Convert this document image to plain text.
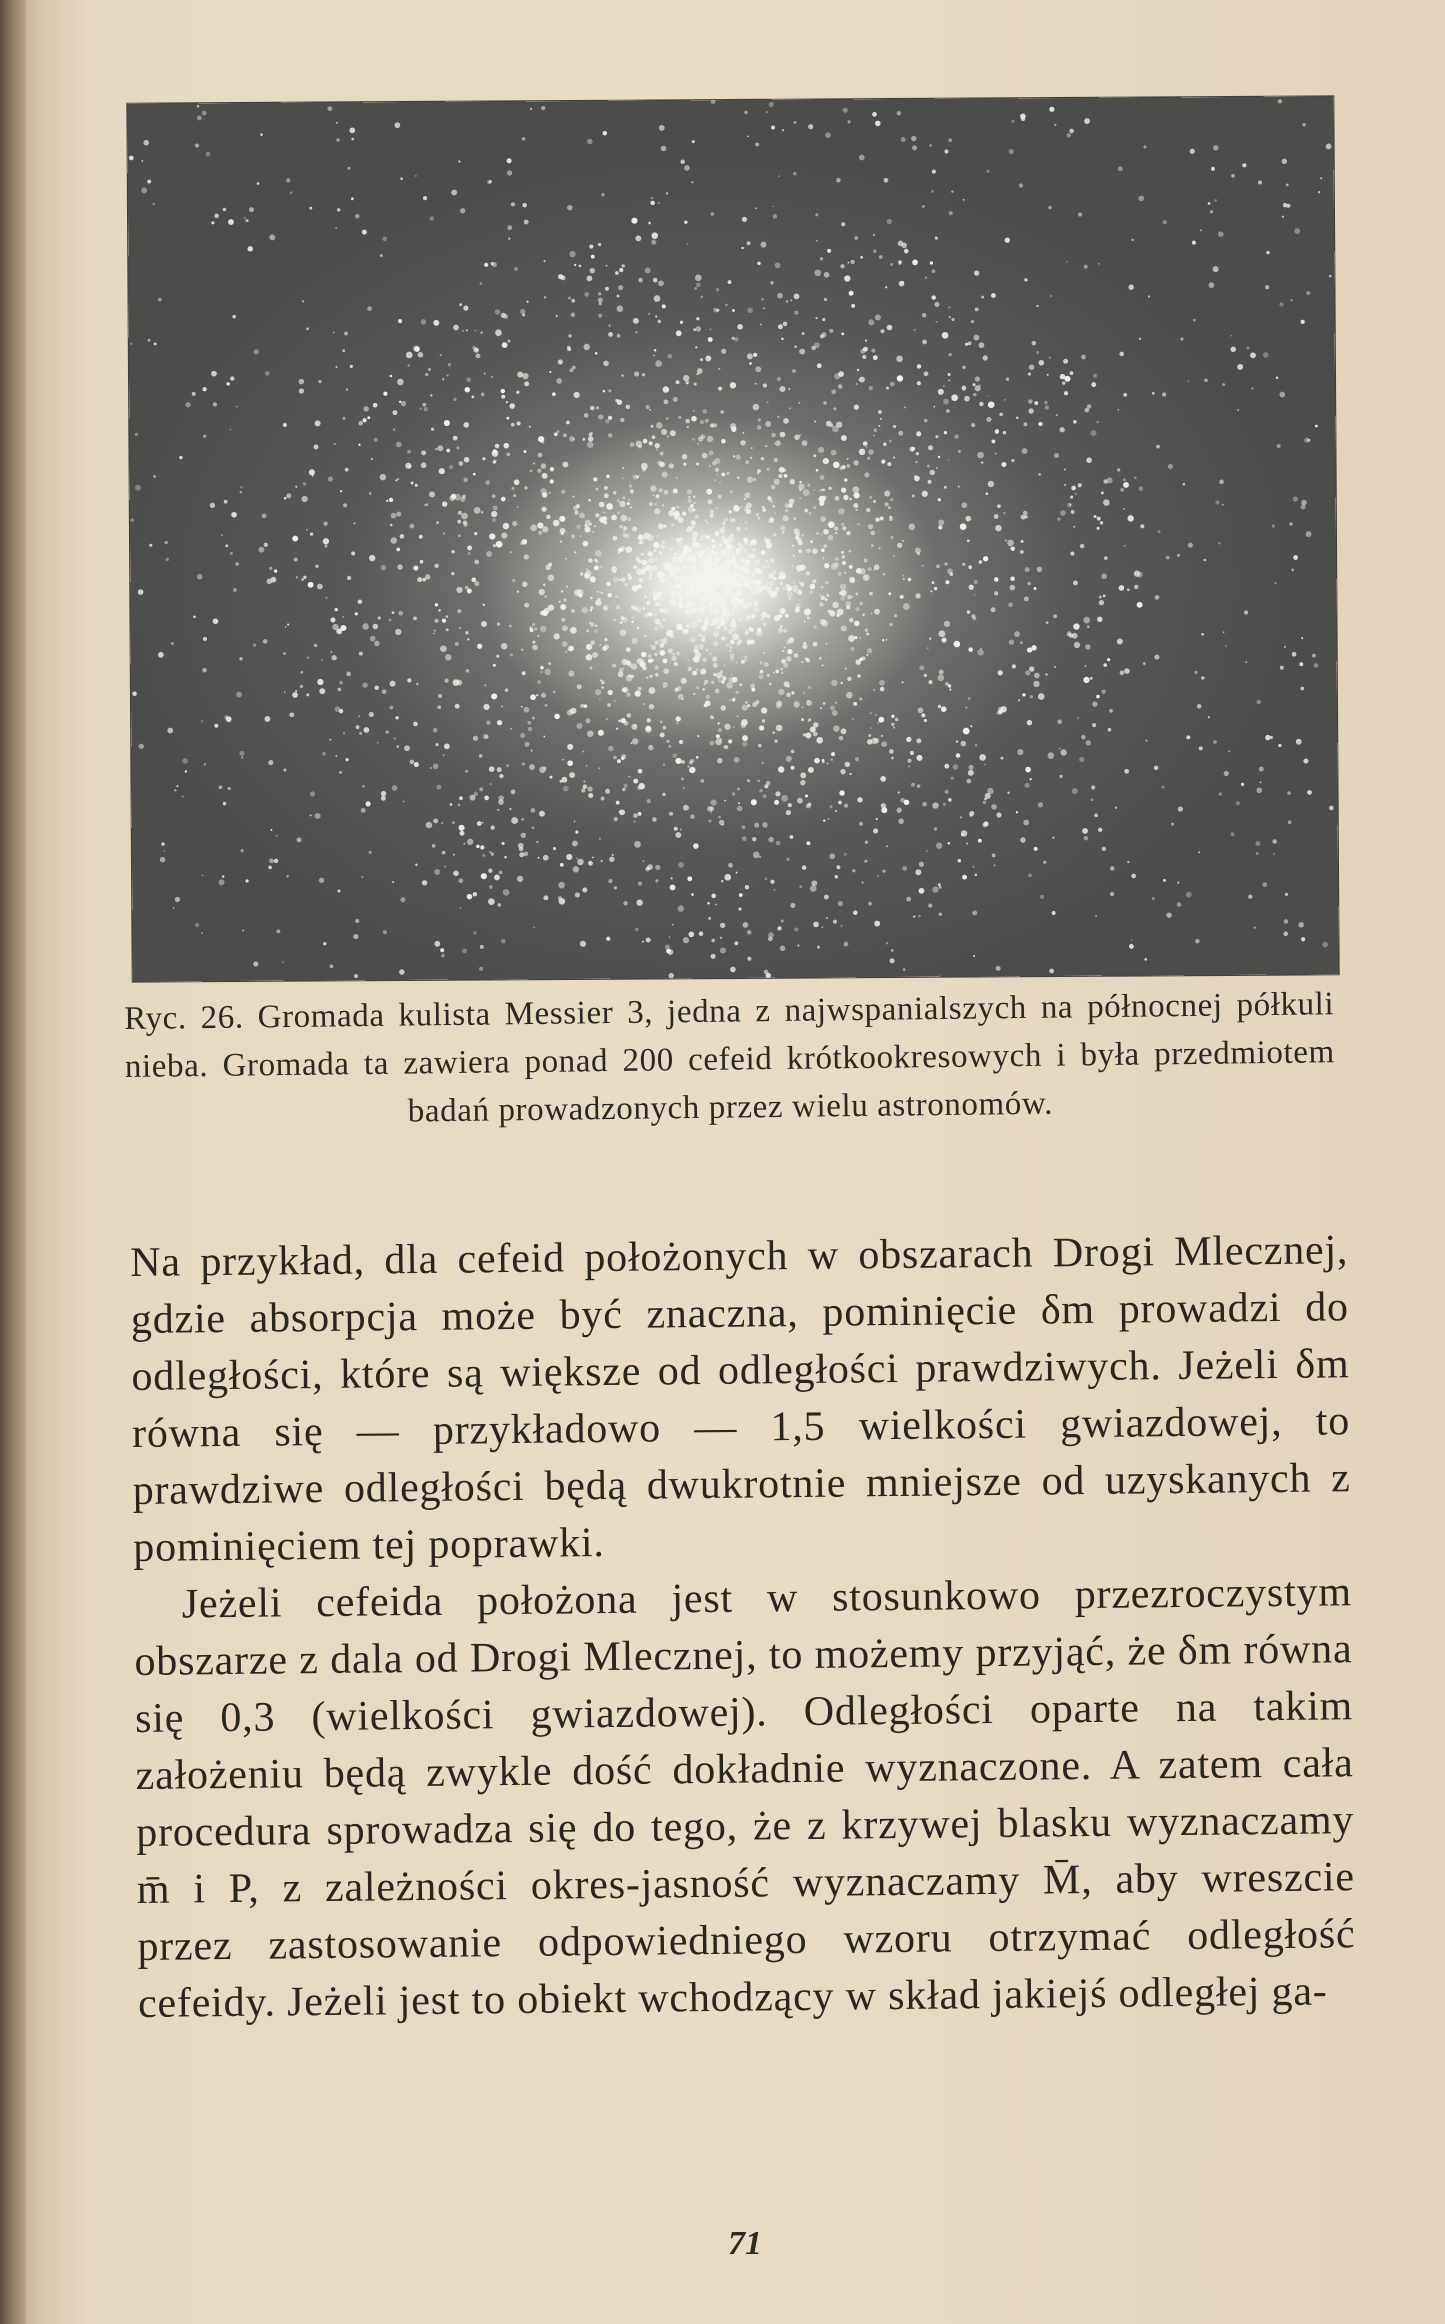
Ryc. 26. Gromada kulista Messier 3, jedna z najwspanialszych na północnej półkuli nieba. Gromada ta zawiera ponad 200 cefeid krótkookresowych i była przedmiotem badań prowadzonych przez wielu astronomów.

Na przykład, dla cefeid położonych w obszarach Drogi Mlecznej, gdzie absorpcja może być znaczna, pominięcie δm prowadzi do odległości, które są większe od odległości prawdziwych. Jeżeli δm równa się — przykładowo — 1,5 wielkości gwiazdowej, to prawdziwe odległości będą dwukrotnie mniejsze od uzyskanych z pominięciem tej poprawki.

Jeżeli cefeida położona jest w stosunkowo przezroczystym obszarze z dala od Drogi Mlecznej, to możemy przyjąć, że δm równa się 0,3 (wielkości gwiazdowej). Odległości oparte na takim założeniu będą zwykle dość dokładnie wyznaczone. A zatem cała procedura sprowadza się do tego, że z krzywej blasku wyznaczamy m̄ i P, z zależności okres-jasność wyznaczamy M̄, aby wreszcie przez zastosowanie odpowiedniego wzoru otrzymać odległość cefeidy. Jeżeli jest to obiekt wchodzący w skład jakiejś odległej ga-

71
